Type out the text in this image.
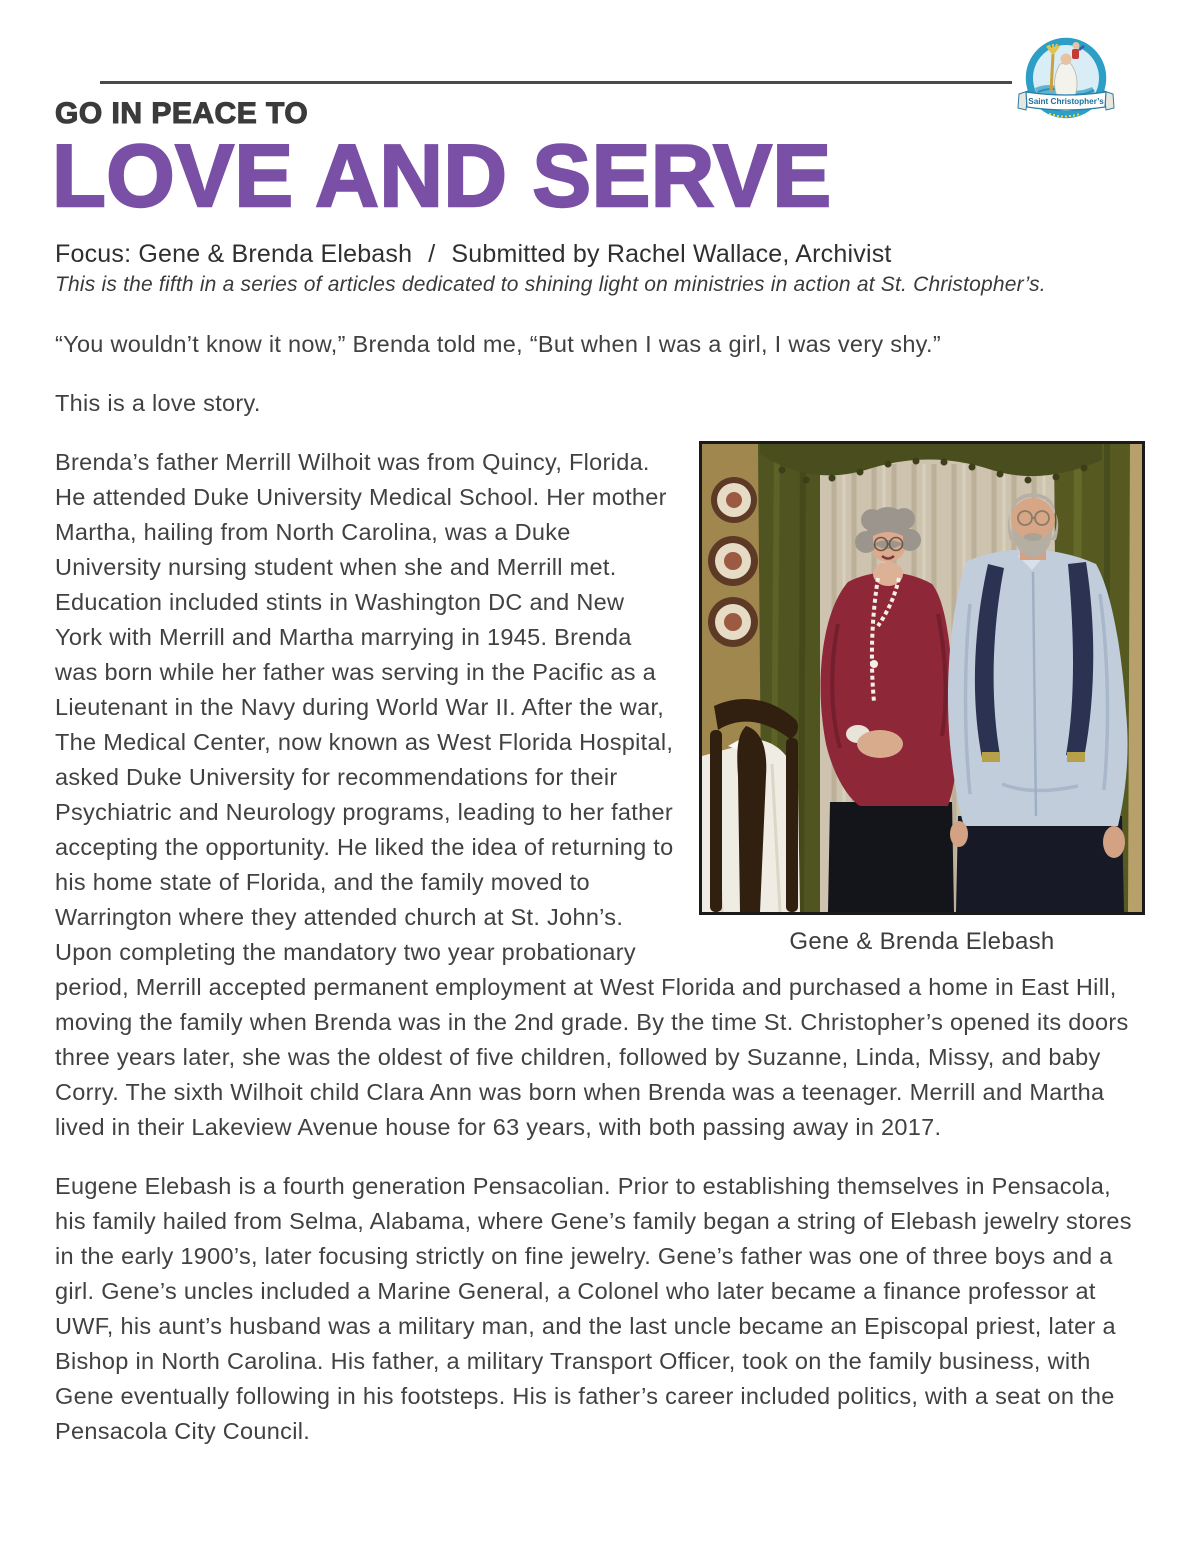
Saint Christopher’s
GO IN PEACE TO
LOVE AND SERVE
Focus: Gene & Brenda Elebash / Submitted by Rachel Wallace, Archivist
This is the fifth in a series of articles dedicated to shining light on ministries in action at St. Christopher’s.

“You wouldn’t know it now,” Brenda told me, “But when I was a girl, I was very shy.”

This is a love story.

Gene & Brenda Elebash

Brenda’s father Merrill Wilhoit was from Quincy, Florida. He attended Duke University Medical School. Her mother Martha, hailing from North Carolina, was a Duke University nursing student when she and Merrill met. Education included stints in Washington DC and New York with Merrill and Martha marrying in 1945. Brenda was born while her father was serving in the Pacific as a Lieutenant in the Navy during World War II. After the war, The Medical Center, now known as West Florida Hospital, asked Duke University for recommendations for their Psychiatric and Neurology programs, leading to her father accepting the opportunity. He liked the idea of returning to his home state of Florida, and the family moved to Warrington where they attended church at St. John’s. Upon completing the mandatory two year probationary period, Merrill accepted permanent employment at West Florida and purchased a home in East Hill, moving the family when Brenda was in the 2nd grade. By the time St. Christopher’s opened its doors three years later, she was the oldest of five children, followed by Suzanne, Linda, Missy, and baby Corry. The sixth Wilhoit child Clara Ann was born when Brenda was a teenager. Merrill and Martha lived in their Lakeview Avenue house for 63 years, with both passing away in 2017.

Eugene Elebash is a fourth generation Pensacolian. Prior to establishing themselves in Pensacola, his family hailed from Selma, Alabama, where Gene’s family began a string of Elebash jewelry stores in the early 1900’s, later focusing strictly on fine jewelry. Gene’s father was one of three boys and a girl. Gene’s uncles included a Marine General, a Colonel who later became a finance professor at UWF, his aunt’s husband was a military man, and the last uncle became an Episcopal priest, later a Bishop in North Carolina. His father, a military Transport Officer, took on the family business, with Gene eventually following in his footsteps. His is father’s career included politics, with a seat on the Pensacola City Council.
